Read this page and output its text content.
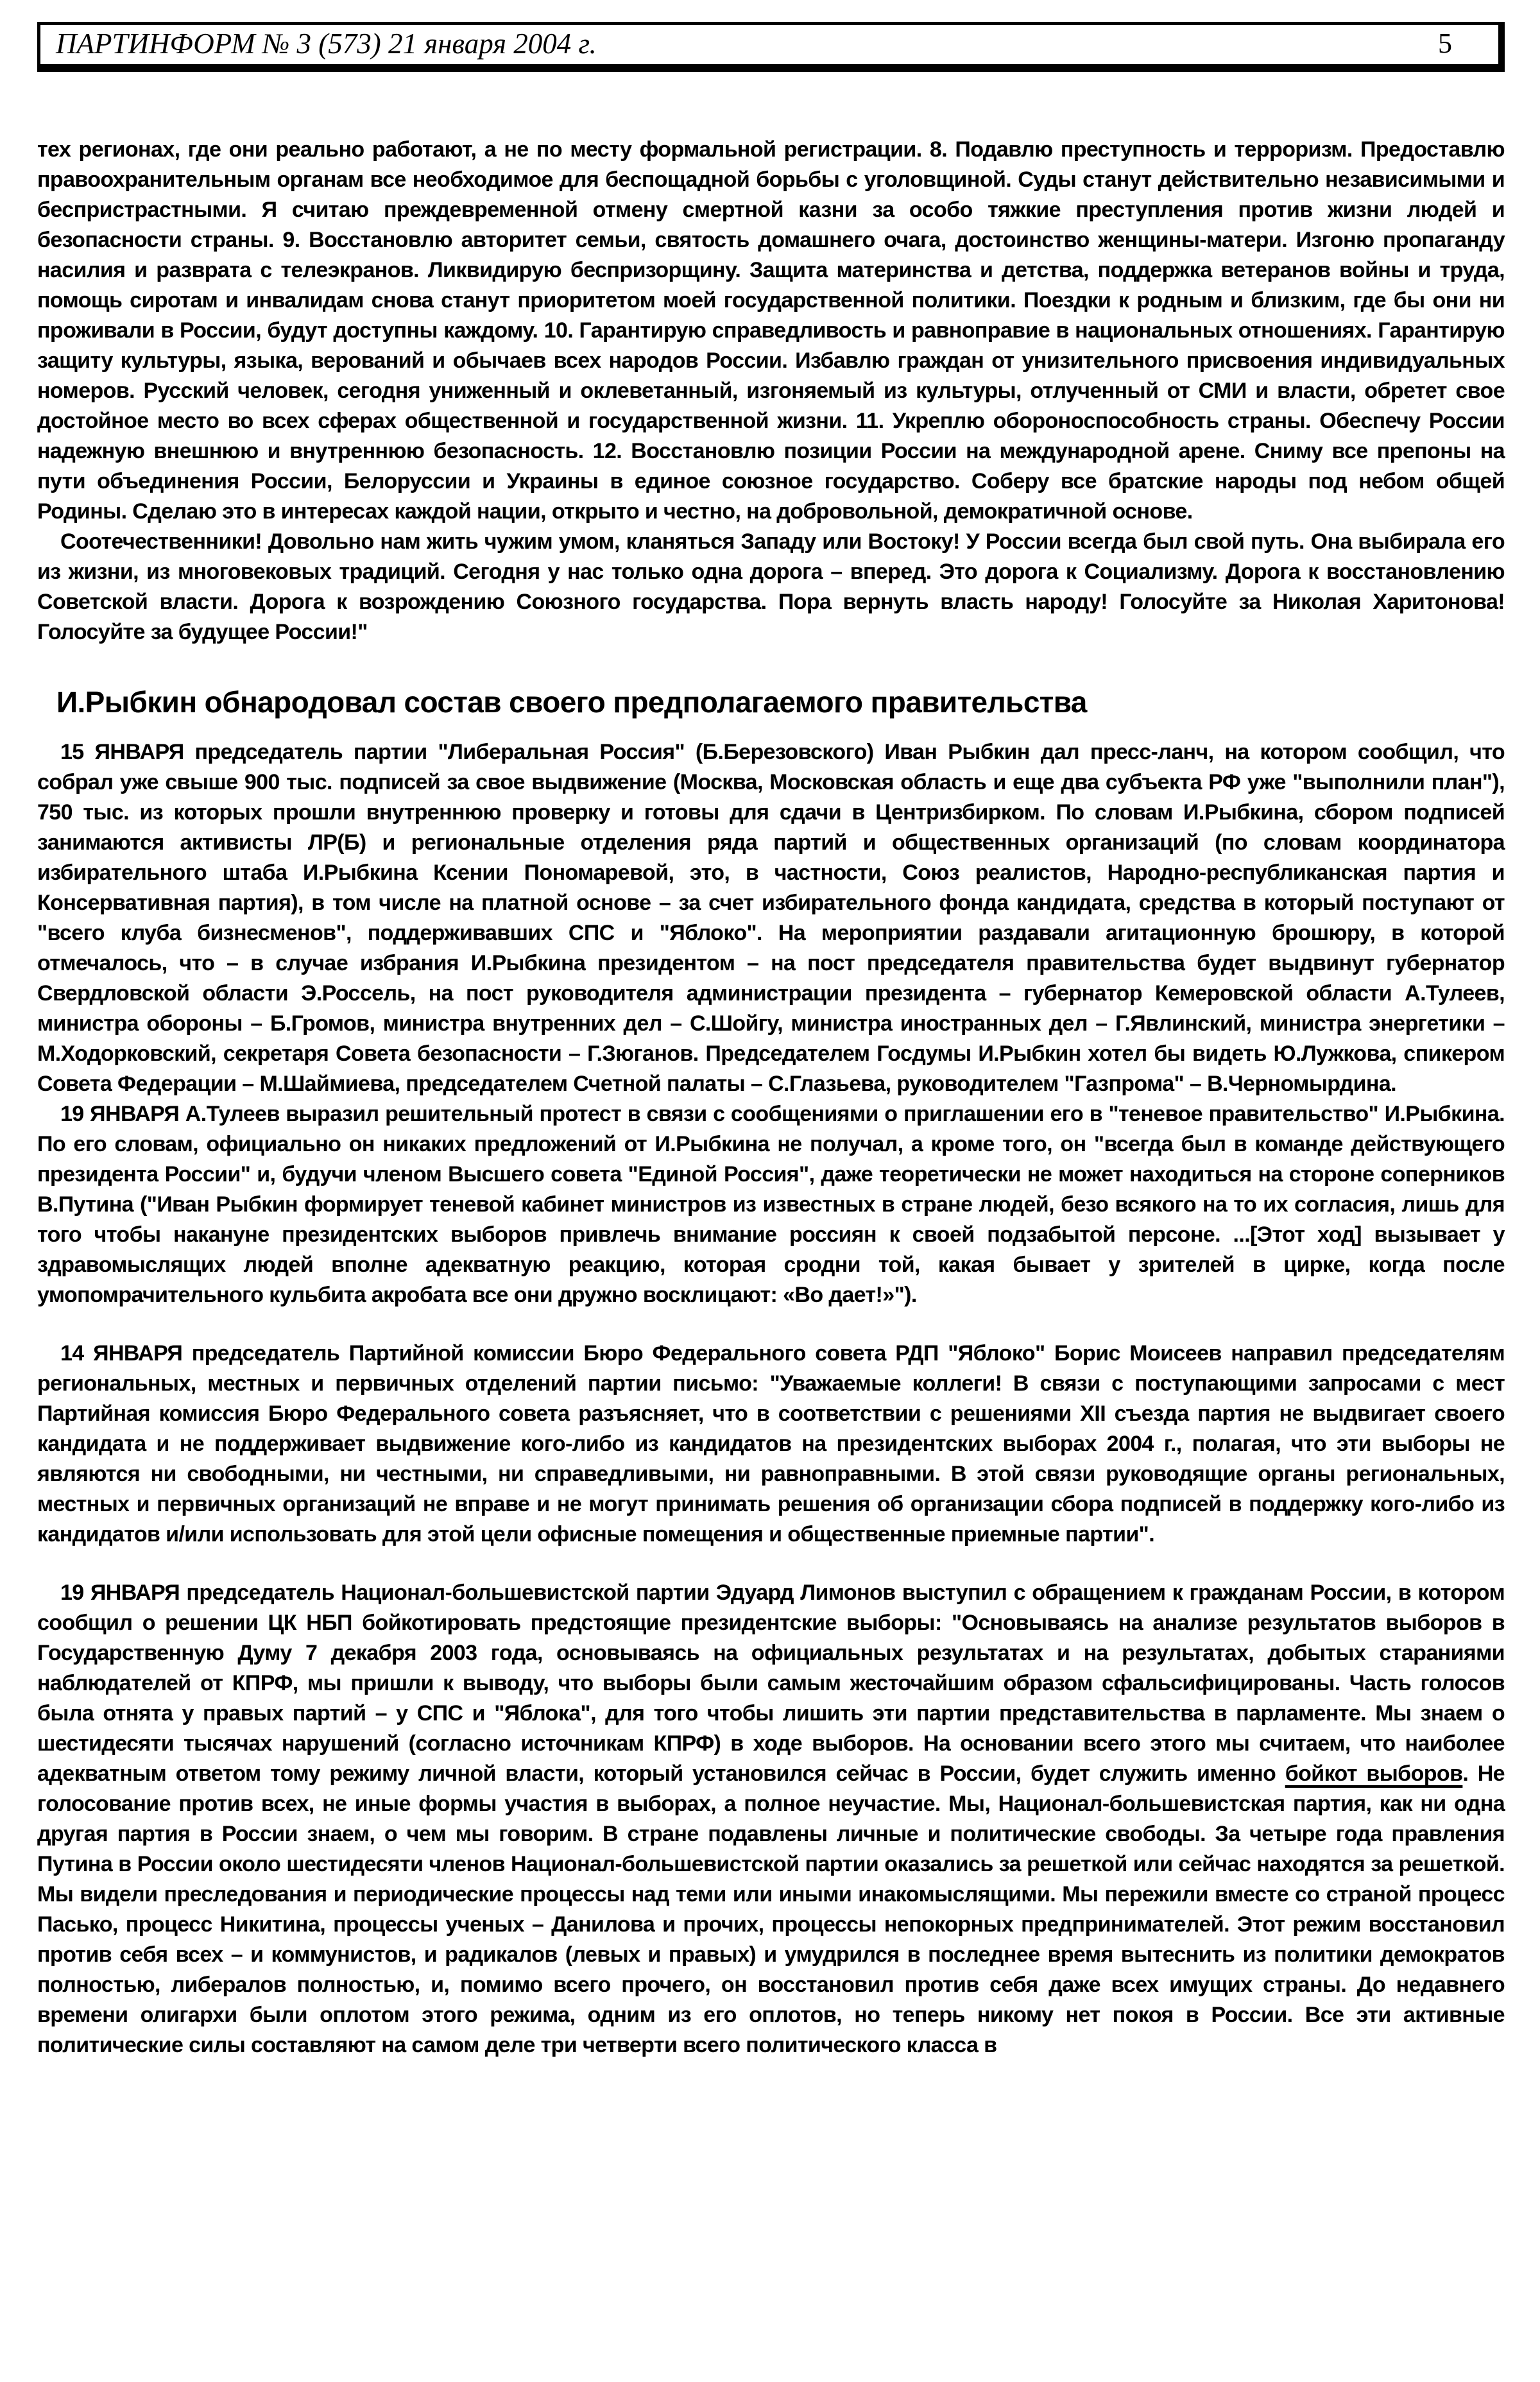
ПАРТИНФОРМ № 3 (573) 21 января 2004 г.	5

тех регионах, где они реально работают, а не по месту формальной регистрации. 8. Подавлю преступность и терроризм. Предоставлю правоохранительным органам все необходимое для беспощадной борьбы с уголовщиной. Суды станут действительно независимыми и беспристрастными. Я считаю преждевременной отмену смертной казни за особо тяжкие преступления против жизни людей и безопасности страны. 9. Восстановлю авторитет семьи, святость домашнего очага, достоинство женщины-матери. Изгоню пропаганду насилия и разврата с телеэкранов. Ликвидирую беспризорщину. Защита материнства и детства, поддержка ветеранов войны и труда, помощь сиротам и инвалидам снова станут приоритетом моей государственной политики. Поездки к родным и близким, где бы они ни проживали в России, будут доступны каждому. 10. Гарантирую справедливость и равноправие в национальных отношениях. Гарантирую защиту культуры, языка, верований и обычаев всех народов России. Избавлю граждан от унизительного присвоения индивидуальных номеров. Русский человек, сегодня униженный и оклеветанный, изгоняемый из культуры, отлученный от СМИ и власти, обретет свое достойное место во всех сферах общественной и государственной жизни. 11. Укреплю обороноспособность страны. Обеспечу России надежную внешнюю и внутреннюю безопасность. 12. Восстановлю позиции России на международной арене. Сниму все препоны на пути объединения России, Белоруссии и Украины в единое союзное государство. Соберу все братские народы под небом общей Родины. Сделаю это в интересах каждой нации, открыто и честно, на добровольной, демократичной основе.

Соотечественники! Довольно нам жить чужим умом, кланяться Западу или Востоку! У России всегда был свой путь. Она выбирала его из жизни, из многовековых традиций. Сегодня у нас только одна дорога – вперед. Это дорога к Социализму. Дорога к восстановлению Советской власти. Дорога к возрождению Союзного государства. Пора вернуть власть народу! Голосуйте за Николая Харитонова! Голосуйте за будущее России!"

И.Рыбкин обнародовал состав своего предполагаемого правительства

15 ЯНВАРЯ председатель партии "Либеральная Россия" (Б.Березовского) Иван Рыбкин дал пресс-ланч, на котором сообщил, что собрал уже свыше 900 тыс. подписей за свое выдвижение (Москва, Московская область и еще два субъекта РФ уже "выполнили план"), 750 тыс. из которых прошли внутреннюю проверку и готовы для сдачи в Центризбирком. По словам И.Рыбкина, сбором подписей занимаются активисты ЛР(Б) и региональные отделения ряда партий и общественных организаций (по словам координатора избирательного штаба И.Рыбкина Ксении Пономаревой, это, в частности, Союз реалистов, Народно-республиканская партия и Консервативная партия), в том числе на платной основе – за счет избирательного фонда кандидата, средства в который поступают от "всего клуба бизнесменов", поддерживавших СПС и "Яблоко". На мероприятии раздавали агитационную брошюру, в которой отмечалось, что – в случае избрания И.Рыбкина президентом – на пост председателя правительства будет выдвинут губернатор Свердловской области Э.Россель, на пост руководителя администрации президента – губернатор Кемеровской области А.Тулеев, министра обороны – Б.Громов, министра внутренних дел – С.Шойгу, министра иностранных дел – Г.Явлинский, министра энергетики – М.Ходорковский, секретаря Совета безопасности – Г.Зюганов. Председателем Госдумы И.Рыбкин хотел бы видеть Ю.Лужкова, спикером Совета Федерации – М.Шаймиева, председателем Счетной палаты – С.Глазьева, руководителем "Газпрома" – В.Черномырдина.

19 ЯНВАРЯ А.Тулеев выразил решительный протест в связи с сообщениями о приглашении его в "теневое правительство" И.Рыбкина. По его словам, официально он никаких предложений от И.Рыбкина не получал, а кроме того, он "всегда был в команде действующего президента России" и, будучи членом Высшего совета "Единой Россия", даже теоретически не может находиться на стороне соперников В.Путина ("Иван Рыбкин формирует теневой кабинет министров из известных в стране людей, безо всякого на то их согласия, лишь для того чтобы накануне президентских выборов привлечь внимание россиян к своей подзабытой персоне. ...[Этот ход] вызывает у здравомыслящих людей вполне адекватную реакцию, которая сродни той, какая бывает у зрителей в цирке, когда после умопомрачительного кульбита акробата все они дружно восклицают: «Во дает!»").

14 ЯНВАРЯ председатель Партийной комиссии Бюро Федерального совета РДП "Яблоко" Борис Моисеев направил председателям региональных, местных и первичных отделений партии письмо: "Уважаемые коллеги! В связи с поступающими запросами с мест Партийная комиссия Бюро Федерального совета разъясняет, что в соответствии с решениями XII съезда партия не выдвигает своего кандидата и не поддерживает выдвижение кого-либо из кандидатов на президентских выборах 2004 г., полагая, что эти выборы не являются ни свободными, ни честными, ни справедливыми, ни равноправными. В этой связи руководящие органы региональных, местных и первичных организаций не вправе и не могут принимать решения об организации сбора подписей в поддержку кого-либо из кандидатов и/или использовать для этой цели офисные помещения и общественные приемные партии".

19 ЯНВАРЯ председатель Национал-большевистской партии Эдуард Лимонов выступил с обращением к гражданам России, в котором сообщил о решении ЦК НБП бойкотировать предстоящие президентские выборы: "Основываясь на анализе результатов выборов в Государственную Думу 7 декабря 2003 года, основываясь на официальных результатах и на результатах, добытых стараниями наблюдателей от КПРФ, мы пришли к выводу, что выборы были самым жесточайшим образом сфальсифицированы. Часть голосов была отнята у правых партий – у СПС и "Яблока", для того чтобы лишить эти партии представительства в парламенте. Мы знаем о шестидесяти тысячах нарушений (согласно источникам КПРФ) в ходе выборов. На основании всего этого мы считаем, что наиболее адекватным ответом тому режиму личной власти, который установился сейчас в России, будет служить именно бойкот выборов. Не голосование против всех, не иные формы участия в выборах, а полное неучастие. Мы, Национал-большевистская партия, как ни одна другая партия в России знаем, о чем мы говорим. В стране подавлены личные и политические свободы. За четыре года правления Путина в России около шестидесяти членов Национал-большевистской партии оказались за решеткой или сейчас находятся за решеткой. Мы видели преследования и периодические процессы над теми или иными инакомыслящими. Мы пережили вместе со страной процесс Пасько, процесс Никитина, процессы ученых – Данилова и прочих, процессы непокорных предпринимателей. Этот режим восстановил против себя всех – и коммунистов, и радикалов (левых и правых) и умудрился в последнее время вытеснить из политики демократов полностью, либералов полностью, и, помимо всего прочего, он восстановил против себя даже всех имущих страны. До недавнего времени олигархи были оплотом этого режима, одним из его оплотов, но теперь никому нет покоя в России. Все эти активные политические силы составляют на самом деле три четверти всего политического класса в
